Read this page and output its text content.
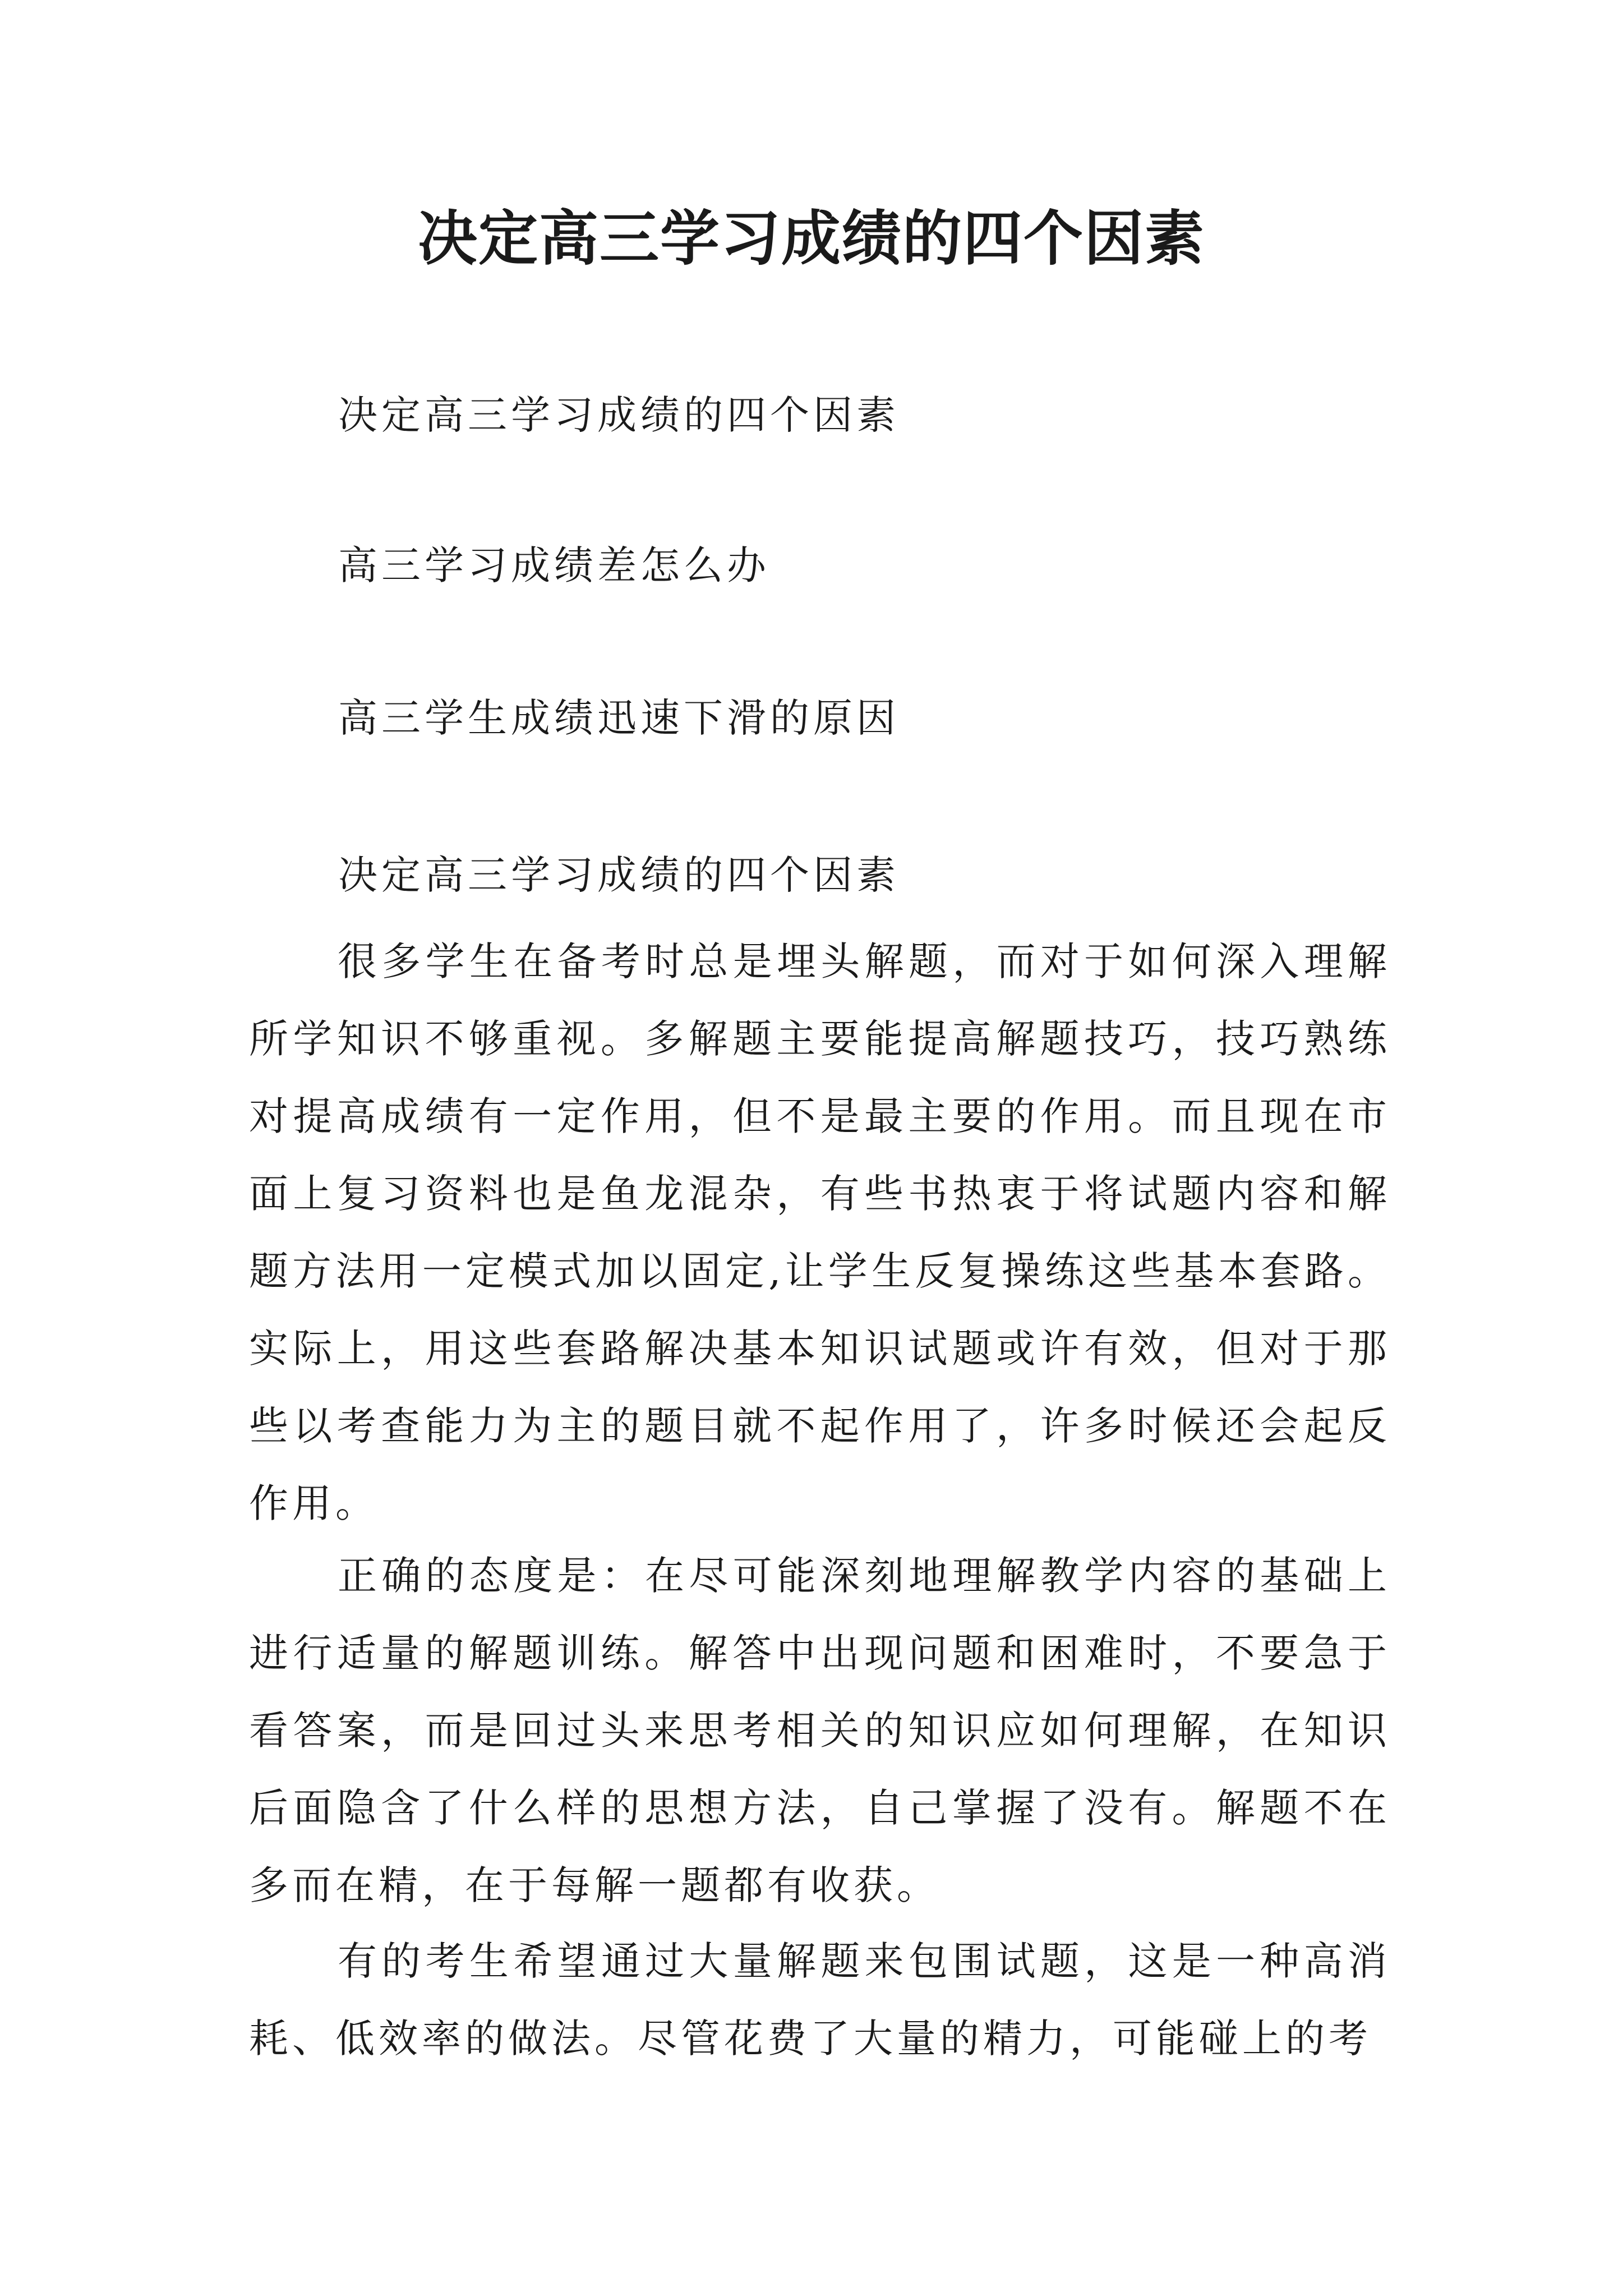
决定高三学习成绩的四个因素

决定高三学习成绩的四个因素

高三学习成绩差怎么办

高三学生成绩迅速下滑的原因

决定高三学习成绩的四个因素

很多学生在备考时总是埋头解题，而对于如何深入理解所学知识不够重视。多解题主要能提高解题技巧，技巧熟练对提高成绩有一定作用，但不是最主要的作用。而且现在市面上复习资料也是鱼龙混杂，有些书热衷于将试题内容和解题方法用一定模式加以固定,让学生反复操练这些基本套路。实际上，用这些套路解决基本知识试题或许有效，但对于那些以考查能力为主的题目就不起作用了，许多时候还会起反作用。

正确的态度是：在尽可能深刻地理解教学内容的基础上进行适量的解题训练。解答中出现问题和困难时，不要急于看答案，而是回过头来思考相关的知识应如何理解，在知识后面隐含了什么样的思想方法，自己掌握了没有。解题不在多而在精，在于每解一题都有收获。

有的考生希望通过大量解题来包围试题，这是一种高消耗、低效率的做法。尽管花费了大量的精力，可能碰上的考
